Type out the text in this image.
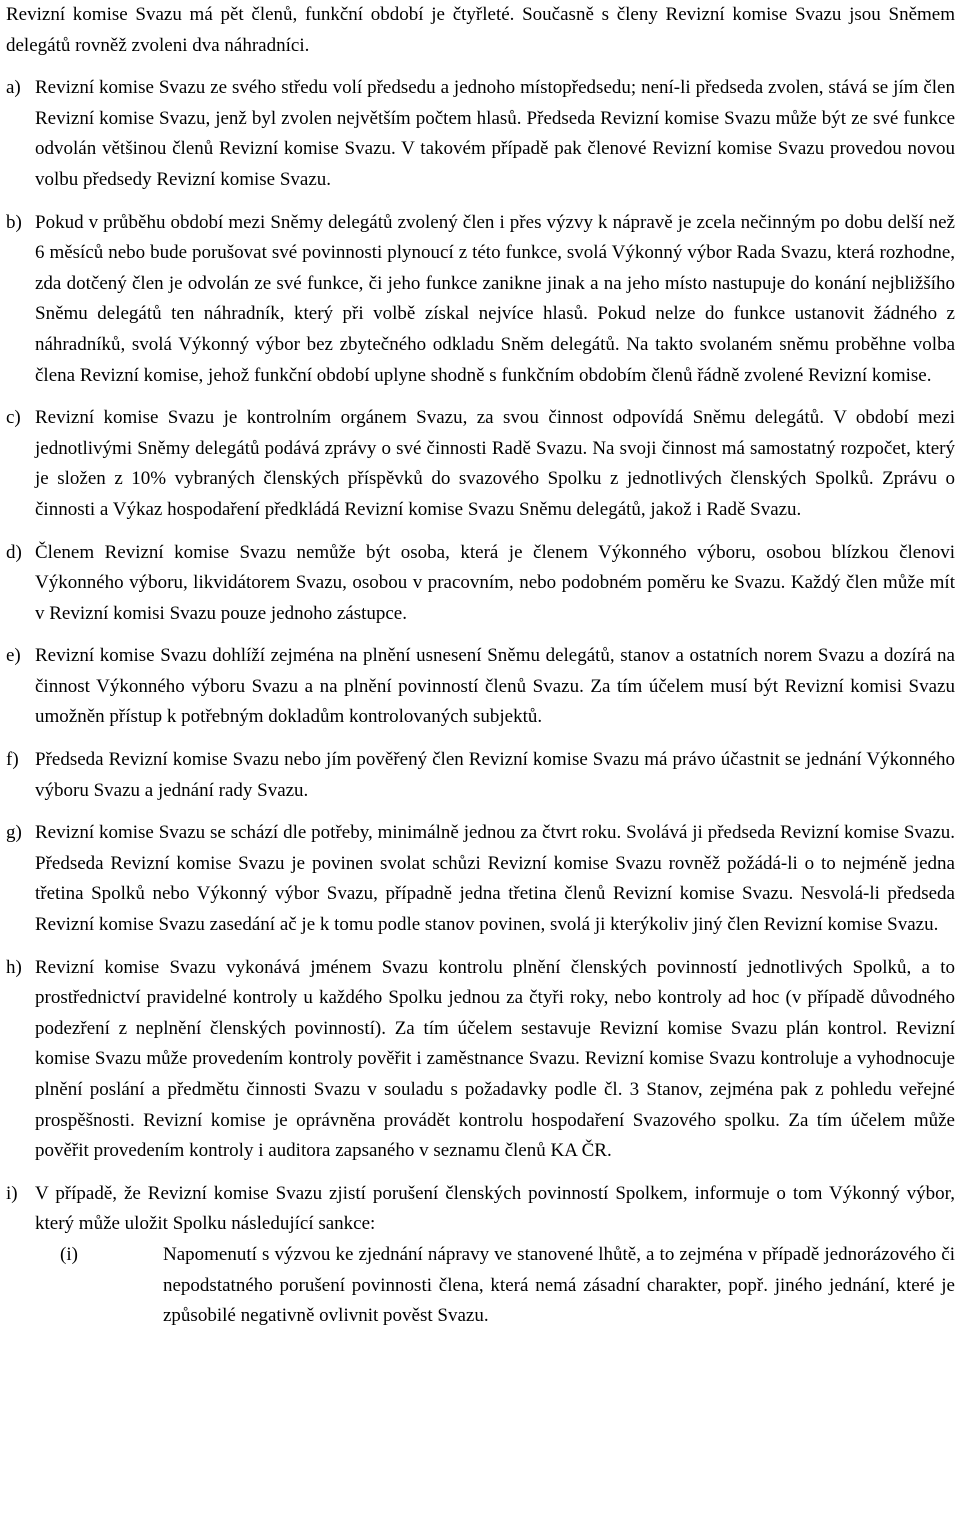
Revizní komise Svazu má pět členů, funkční období je čtyřleté. Současně s členy Revizní komise Svazu jsou Sněmem delegátů rovněž zvoleni dva náhradníci.

a) Revizní komise Svazu ze svého středu volí předsedu a jednoho místopředsedu; není-li předseda zvolen, stává se jím člen Revizní komise Svazu, jenž byl zvolen největším počtem hlasů. Předseda Revizní komise Svazu může být ze své funkce odvolán většinou členů Revizní komise Svazu. V takovém případě pak členové Revizní komise Svazu provedou novou volbu předsedy Revizní komise Svazu.
b) Pokud v průběhu období mezi Sněmy delegátů zvolený člen i přes výzvy k nápravě je zcela nečinným po dobu delší než 6 měsíců nebo bude porušovat své povinnosti plynoucí z této funkce, svolá Výkonný výbor Rada Svazu, která rozhodne, zda dotčený člen je odvolán ze své funkce, či jeho funkce zanikne jinak a na jeho místo nastupuje do konání nejbližšího Sněmu delegátů ten náhradník, který při volbě získal nejvíce hlasů. Pokud nelze do funkce ustanovit žádného z náhradníků, svolá Výkonný výbor bez zbytečného odkladu Sněm delegátů. Na takto svolaném sněmu proběhne volba člena Revizní komise, jehož funkční období uplyne shodně s funkčním obdobím členů řádně zvolené Revizní komise.
c) Revizní komise Svazu je kontrolním orgánem Svazu, za svou činnost odpovídá Sněmu delegátů. V období mezi jednotlivými Sněmy delegátů podává zprávy o své činnosti Radě Svazu. Na svoji činnost má samostatný rozpočet, který je složen z 10% vybraných členských příspěvků do svazového Spolku z jednotlivých členských Spolků. Zprávu o činnosti a Výkaz hospodaření předkládá Revizní komise Svazu Sněmu delegátů, jakož i Radě Svazu.
d) Členem Revizní komise Svazu nemůže být osoba, která je členem Výkonného výboru, osobou blízkou členovi Výkonného výboru, likvidátorem Svazu, osobou v pracovním, nebo podobném poměru ke Svazu. Každý člen může mít v Revizní komisi Svazu pouze jednoho zástupce.
e) Revizní komise Svazu dohlíží zejména na plnění usnesení Sněmu delegátů, stanov a ostatních norem Svazu a dozírá na činnost Výkonného výboru Svazu a na plnění povinností členů Svazu. Za tím účelem musí být Revizní komisi Svazu umožněn přístup k potřebným dokladům kontrolovaných subjektů.
f) Předseda Revizní komise Svazu nebo jím pověřený člen Revizní komise Svazu má právo účastnit se jednání Výkonného výboru Svazu a jednání rady Svazu.
g) Revizní komise Svazu se schází dle potřeby, minimálně jednou za čtvrt roku. Svolává ji předseda Revizní komise Svazu. Předseda Revizní komise Svazu je povinen svolat schůzi Revizní komise Svazu rovněž požádá-li o to nejméně jedna třetina Spolků nebo Výkonný výbor Svazu, případně jedna třetina členů Revizní komise Svazu. Nesvolá-li předseda Revizní komise Svazu zasedání ač je k tomu podle stanov povinen, svolá ji kterýkoliv jiný člen Revizní komise Svazu.
h) Revizní komise Svazu vykonává jménem Svazu kontrolu plnění členských povinností jednotlivých Spolků, a to prostřednictví pravidelné kontroly u každého Spolku jednou za čtyři roky, nebo kontroly ad hoc (v případě důvodného podezření z neplnění členských povinností). Za tím účelem sestavuje Revizní komise Svazu plán kontrol. Revizní komise Svazu může provedením kontroly pověřit i zaměstnance Svazu. Revizní komise Svazu kontroluje a vyhodnocuje plnění poslání a předmětu činnosti Svazu v souladu s požadavky podle čl. 3 Stanov, zejména pak z pohledu veřejné prospěšnosti. Revizní komise je oprávněna provádět kontrolu hospodaření Svazového spolku. Za tím účelem může pověřit provedením kontroly i auditora zapsaného v seznamu členů KA ČR.
i) V případě, že Revizní komise Svazu zjistí porušení členských povinností Spolkem, informuje o tom Výkonný výbor, který může uložit Spolku následující sankce:
(i)	Napomenutí s výzvou ke zjednání nápravy ve stanovené lhůtě, a to zejména v případě jednorázového či nepodstatného porušení povinnosti člena, která nemá zásadní charakter, popř. jiného jednání, které je způsobilé negativně ovlivnit pověst Svazu.
